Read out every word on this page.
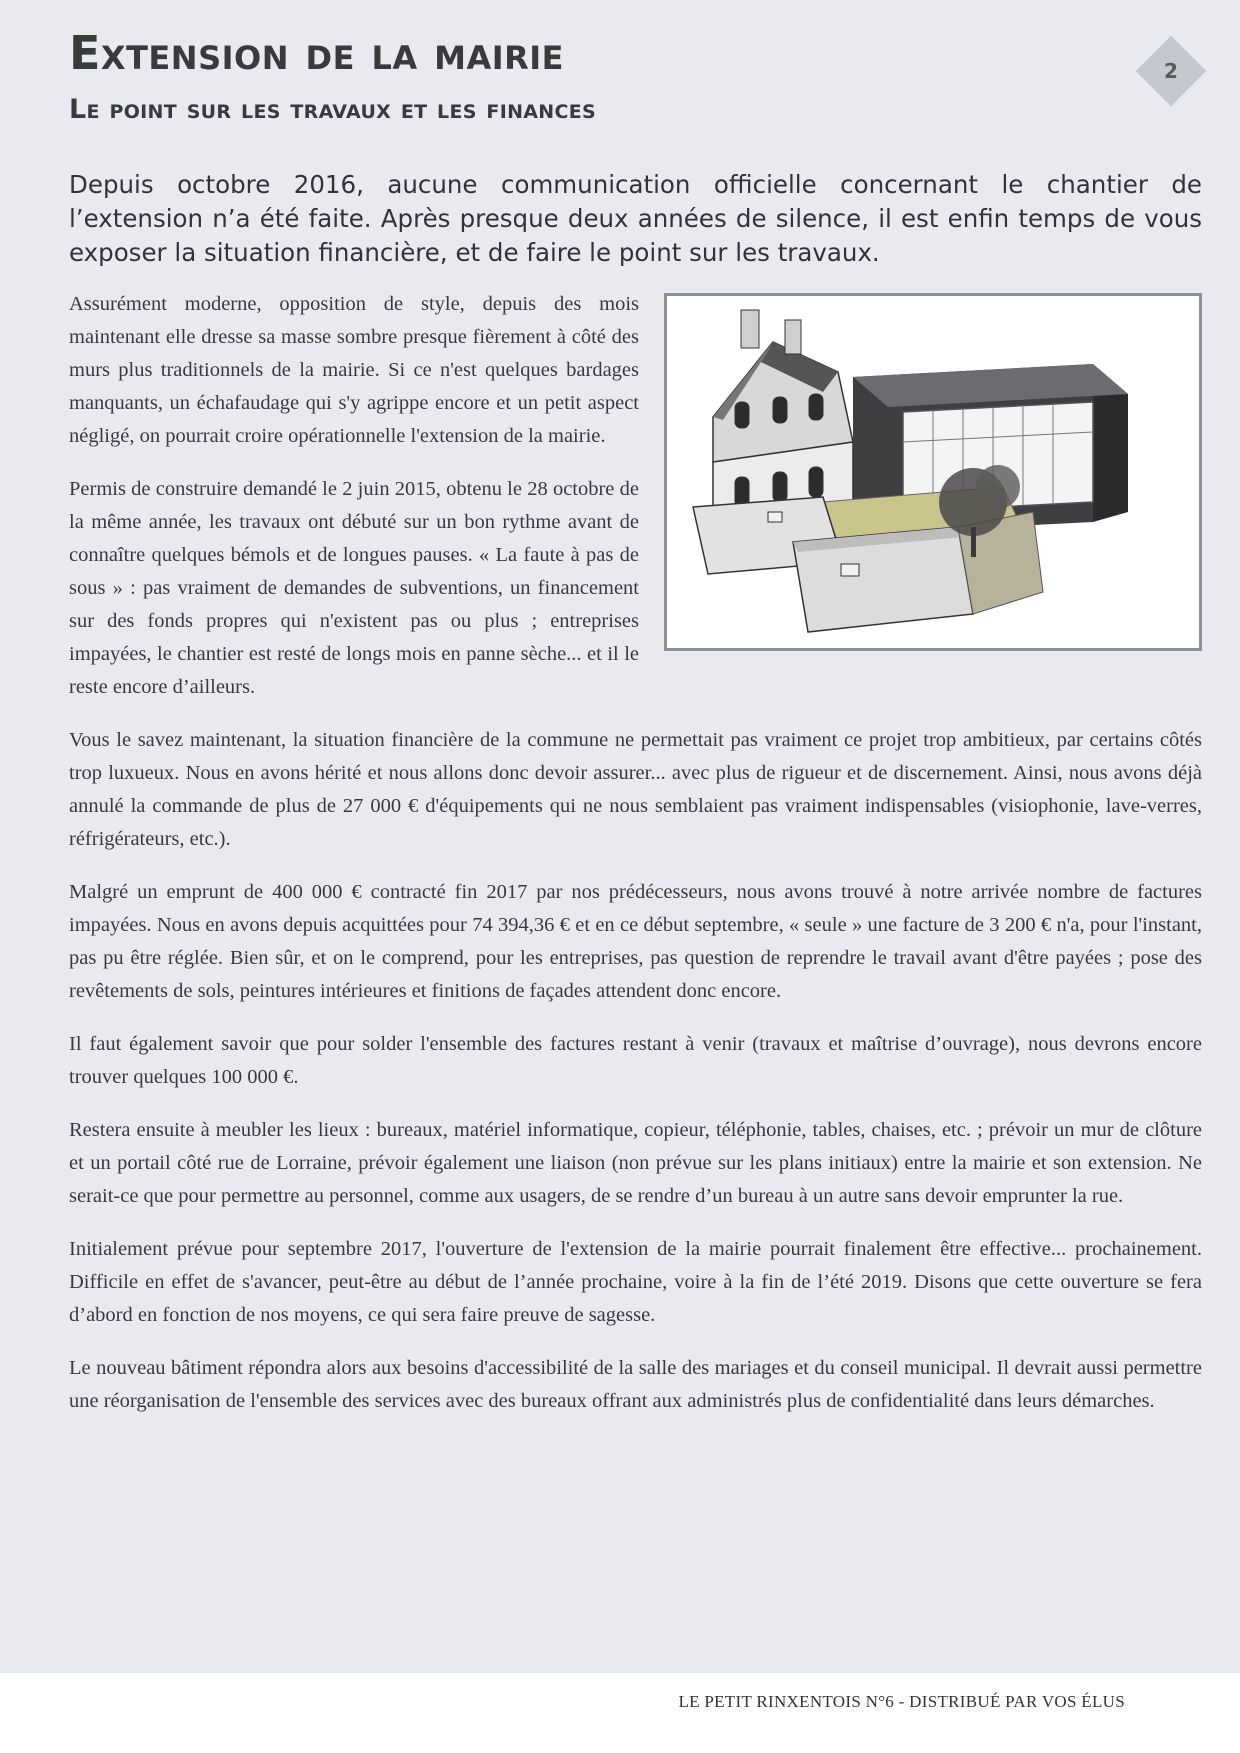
Extension de la mairie
Le point sur les travaux et les finances
2

Depuis octobre 2016, aucune communication officielle concernant le chantier de l’extension n’a été faite. Après presque deux années de silence, il est enfin temps de vous exposer la situation financière, et de faire le point sur les travaux.

Assurément moderne, opposition de style, depuis des mois maintenant elle dresse sa masse sombre presque fièrement à côté des murs plus traditionnels de la mairie. Si ce n'est quelques bardages manquants, un échafaudage qui s'y agrippe encore et un petit aspect négligé, on pourrait croire opérationnelle l'extension de la mairie.

Permis de construire demandé le 2 juin 2015, obtenu le 28 octobre de la même année, les travaux ont débuté sur un bon rythme avant de connaître quelques bémols et de longues pauses. « La faute à pas de sous » : pas vraiment de demandes de subventions, un financement sur des fonds propres qui n'existent pas ou plus ; entreprises impayées, le chantier est resté de longs mois en panne sèche... et il le reste encore d’ailleurs.

Vous le savez maintenant, la situation financière de la commune ne permettait pas vraiment ce projet trop ambitieux, par certains côtés trop luxueux. Nous en avons hérité et nous allons donc devoir assurer... avec plus de rigueur et de discernement. Ainsi, nous avons déjà annulé la commande de plus de 27 000 € d'équipements qui ne nous semblaient pas vraiment indispensables (visiophonie, lave-verres, réfrigérateurs, etc.).

Malgré un emprunt de 400 000 € contracté fin 2017 par nos prédécesseurs, nous avons trouvé à notre arrivée nombre de factures impayées. Nous en avons depuis acquittées pour 74 394,36 € et en ce début septembre, « seule » une facture de 3 200 € n'a, pour l'instant, pas pu être réglée. Bien sûr, et on le comprend, pour les entreprises, pas question de reprendre le travail avant d'être payées ; pose des revêtements de sols, peintures intérieures et finitions de façades attendent donc encore.

Il faut également savoir que pour solder l'ensemble des factures restant à venir (travaux et maîtrise d’ouvrage), nous devrons encore trouver quelques 100 000 €.

Restera ensuite à meubler les lieux : bureaux, matériel informatique, copieur, téléphonie, tables, chaises, etc. ; prévoir un mur de clôture et un portail côté rue de Lorraine, prévoir également une liaison (non prévue sur les plans initiaux) entre la mairie et son extension. Ne serait-ce que pour permettre au personnel, comme aux usagers, de se rendre d’un bureau à un autre sans devoir emprunter la rue.

Initialement prévue pour septembre 2017, l'ouverture de l'extension de la mairie pourrait finalement être effective... prochainement. Difficile en effet de s'avancer, peut-être au début de l’année prochaine, voire à la fin de l’été 2019. Disons que cette ouverture se fera d’abord en fonction de nos moyens, ce qui sera faire preuve de sagesse.

Le nouveau bâtiment répondra alors aux besoins d'accessibilité de la salle des mariages et du conseil municipal. Il devrait aussi permettre une réorganisation de l'ensemble des services avec des bureaux offrant aux administrés plus de confidentialité dans leurs démarches.

LE PETIT RINXENTOIS N°6 - DISTRIBUÉ PAR VOS ÉLUS
